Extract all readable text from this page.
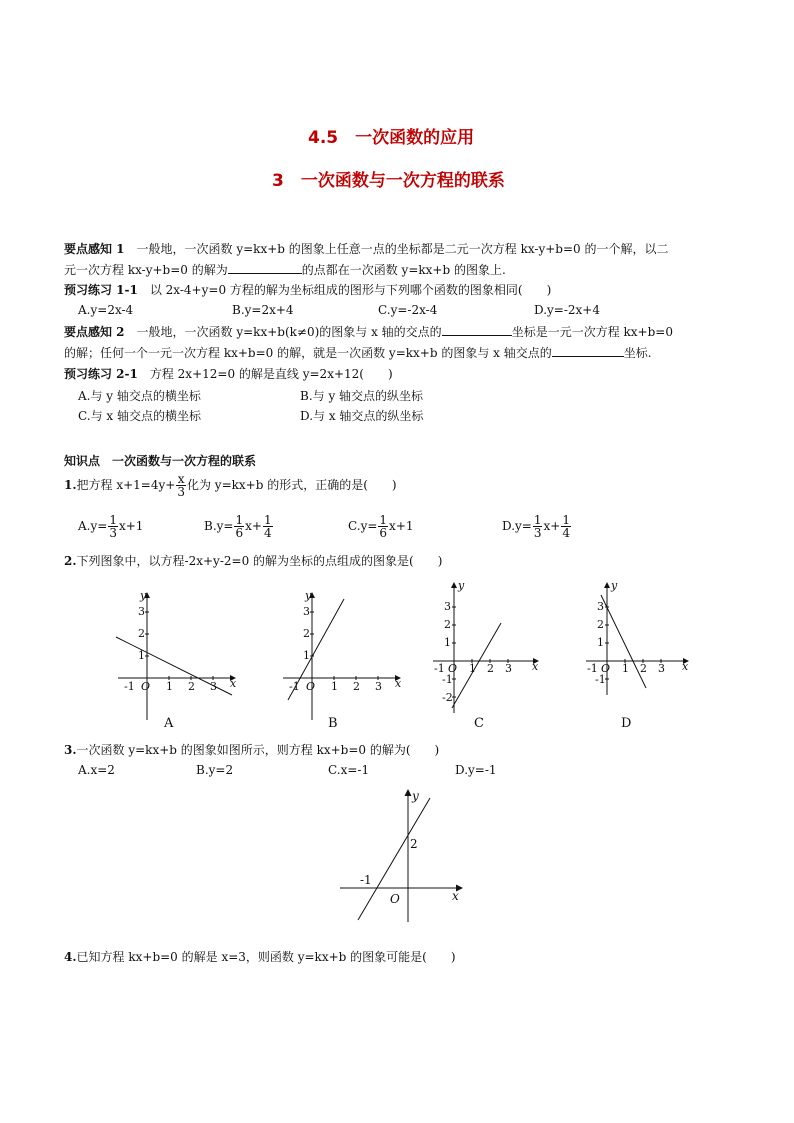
4.5　一次函数的应用
3　一次函数与一次方程的联系
要点感知 1　一般地，一次函数 y=kx+b 的图象上任意一点的坐标都是二元一次方程 kx-y+b=0 的一个解，以二
元一次方程 kx-y+b=0 的解为	的点都在一次函数 y=kx+b 的图象上.
预习练习 1-1　以 2x-4+y=0 方程的解为坐标组成的图形与下列哪个函数的图象相同(　　)
A.y=2x-4	B.y=2x+4	C.y=-2x-4	D.y=-2x+4
要点感知 2　一般地，一次函数 y=kx+b(k≠0)的图象与 x 轴的交点的	坐标是一元一次方程 kx+b=0
的解；任何一个一元一次方程 kx+b=0 的解，就是一次函数 y=kx+b 的图象与 x 轴交点的	坐标.
预习练习 2-1　方程 2x+12=0 的解是直线 y=2x+12(　　)
A.与 y 轴交点的横坐标	B.与 y 轴交点的纵坐标
C.与 x 轴交点的横坐标	D.与 x 轴交点的纵坐标
知识点　一次函数与一次方程的联系
1.把方程 $x+1=4y+ \frac{x}{3}$ 化为 y=kx+b 的形式，正确的是(　　)
$A.y= \frac{1}{3} x+1$	$B.y= \frac{1}{6} x+ \frac{1}{4}$	$C.y= \frac{1}{6} x+1$	$D.y= \frac{1}{3} x+ \frac{1}{4}$
2.下列图象中，以方程-2x+y-2=0 的解为坐标的点组成的图象是(　　)
y
x
1
2
3
-1 O 1 2 3
y
x
1
2
3
-1 O 1 2 3
y
x
1
2
3
-1
-2
-1 O 1 2 3
y
x
1
2
3
-1
-1 O 1 2 3
A	B	C	D
3.一次函数 y=kx+b 的图象如图所示，则方程 kx+b=0 的解为(　　)
A.x=2	B.y=2	C.x=-1	D.y=-1
y
x
2
-1
O
4.已知方程 kx+b=0 的解是 x=3，则函数 y=kx+b 的图象可能是(　　)
